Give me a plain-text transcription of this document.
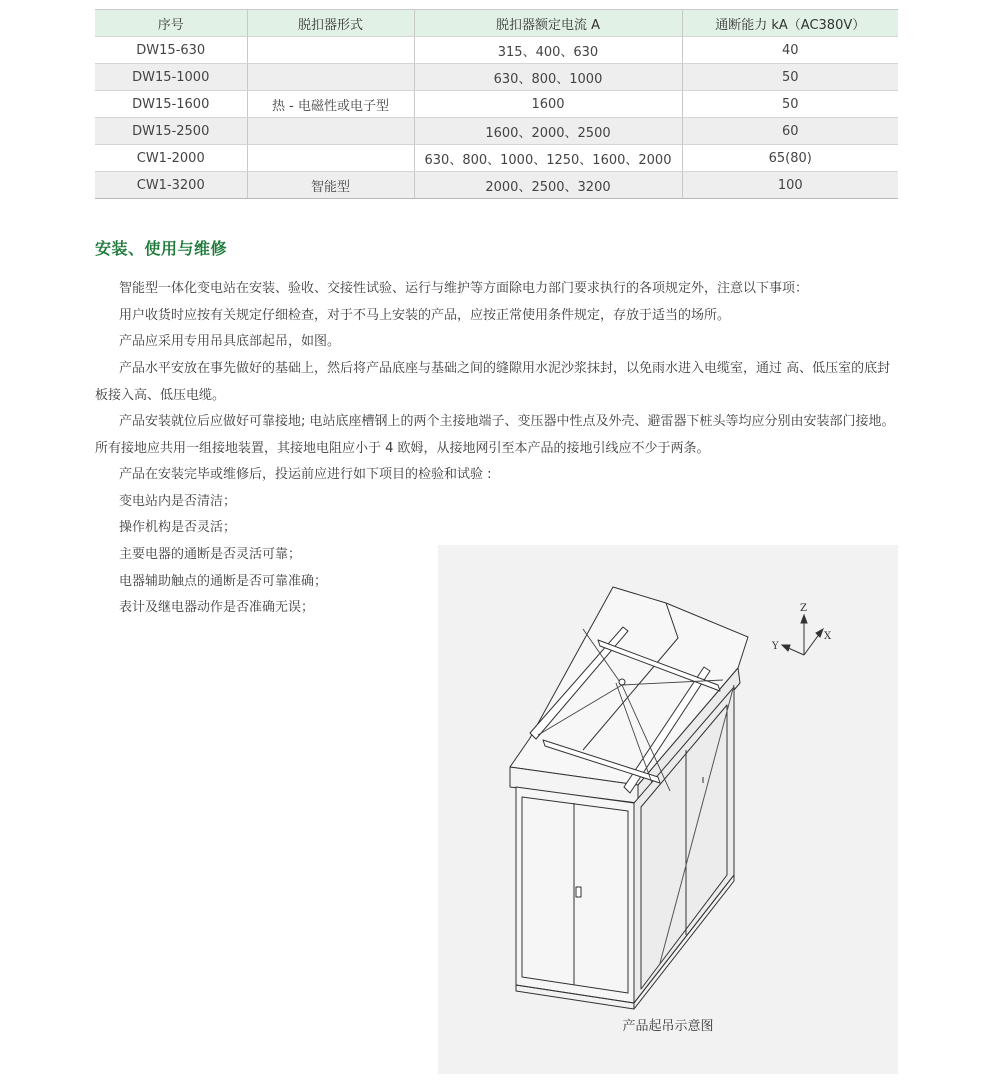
序号	脱扣器形式	脱扣器额定电流 A	通断能力 kA（AC380V）
DW15-630		315、400、630	40
DW15-1000		630、800、1000	50
DW15-1600	热 - 电磁性或电子型	1600	50
DW15-2500		1600、2000、2500	60
CW1-2000		630、800、1000、1250、1600、2000	65(80)
CW1-3200	智能型	2000、2500、3200	100
安装、使用与维修

智能型一体化变电站在安装、验收、交接性试验、运行与维护等方面除电力部门要求执行的各项规定外，注意以下事项：

用户收货时应按有关规定仔细检查，对于不马上安装的产品，应按正常使用条件规定，存放于适当的场所。

产品应采用专用吊具底部起吊，如图。

产品水平安放在事先做好的基础上，然后将产品底座与基础之间的缝隙用水泥沙浆抹封，以免雨水进入电缆室，通过 高、低压室的底封板接入高、低压电缆。

产品安装就位后应做好可靠接地; 电站底座槽钢上的两个主接地端子、变压器中性点及外壳、避雷器下桩头等均应分别由安装部门接地。所有接地应共用一组接地装置，其接地电阻应小于 4 欧姆，从接地网引至本产品的接地引线应不少于两条。

产品在安装完毕或维修后，投运前应进行如下项目的检验和试验 :

变电站内是否清洁；

操作机构是否灵活；

主要电器的通断是否灵活可靠；

电器辅助触点的通断是否可靠准确；

表计及继电器动作是否准确无误；	Z
X
Y
产品起吊示意图
